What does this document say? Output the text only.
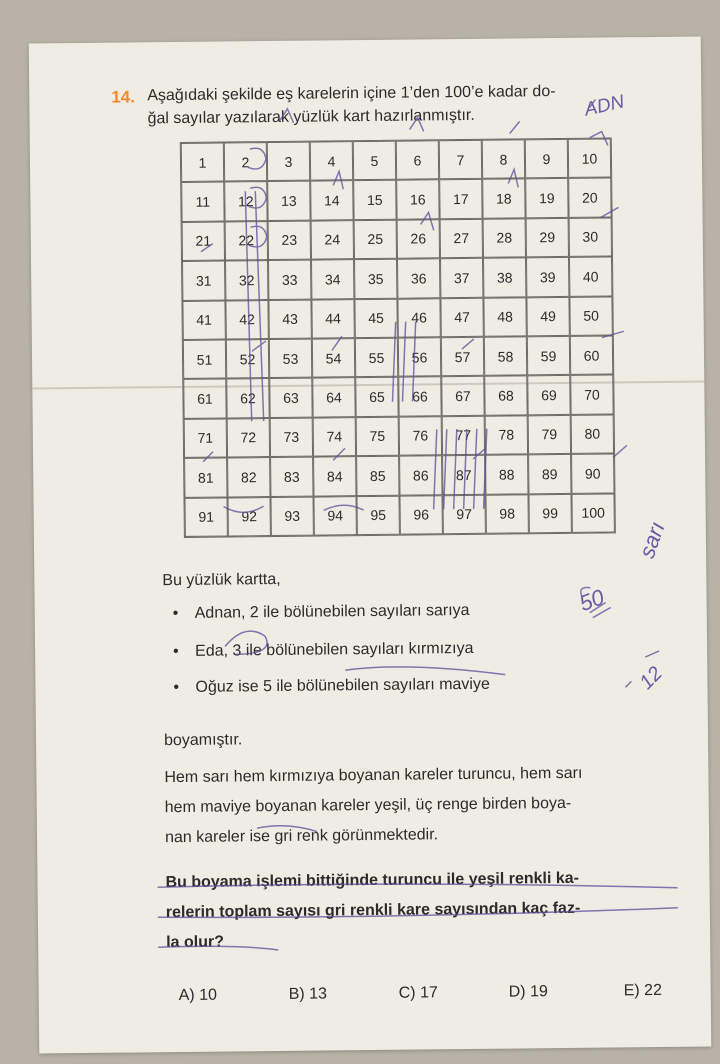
14. Aşağıdaki şekilde eş karelerin içine 1’den 100’e kadar do-
ğal sayılar yazılarak yüzlük kart hazırlanmıştır.
1	2	3	4	5	6	7	8	9	10
11	12	13	14	15	16	17	18	19	20
21	22	23	24	25	26	27	28	29	30
31	32	33	34	35	36	37	38	39	40
41	42	43	44	45	46	47	48	49	50
51	52	53	54	55	56	57	58	59	60
61	62	63	64	65	66	67	68	69	70
71	72	73	74	75	76	77	78	79	80
81	82	83	84	85	86	87	88	89	90
91	92	93	94	95	96	97	98	99	100
Bu yüzlük kartta,
• Adnan, 2 ile bölünebilen sayıları sarıya
• Eda, 3 ile bölünebilen sayıları kırmızıya
• Oğuz ise 5 ile bölünebilen sayıları maviye
boyamıştır.
Hem sarı hem kırmızıya boyanan kareler turuncu, hem sarı
hem maviye boyanan kareler yeşil, üç renge birden boya-
nan kareler ise gri renk görünmektedir.
Bu boyama işlemi bittiğinde turuncu ile yeşil renkli ka-
relerin toplam sayısı gri renkli kare sayısından kaç faz-
la olur?
A) 10	B) 13	C) 17	D) 19	E) 22
ADN
sarı
50
12
